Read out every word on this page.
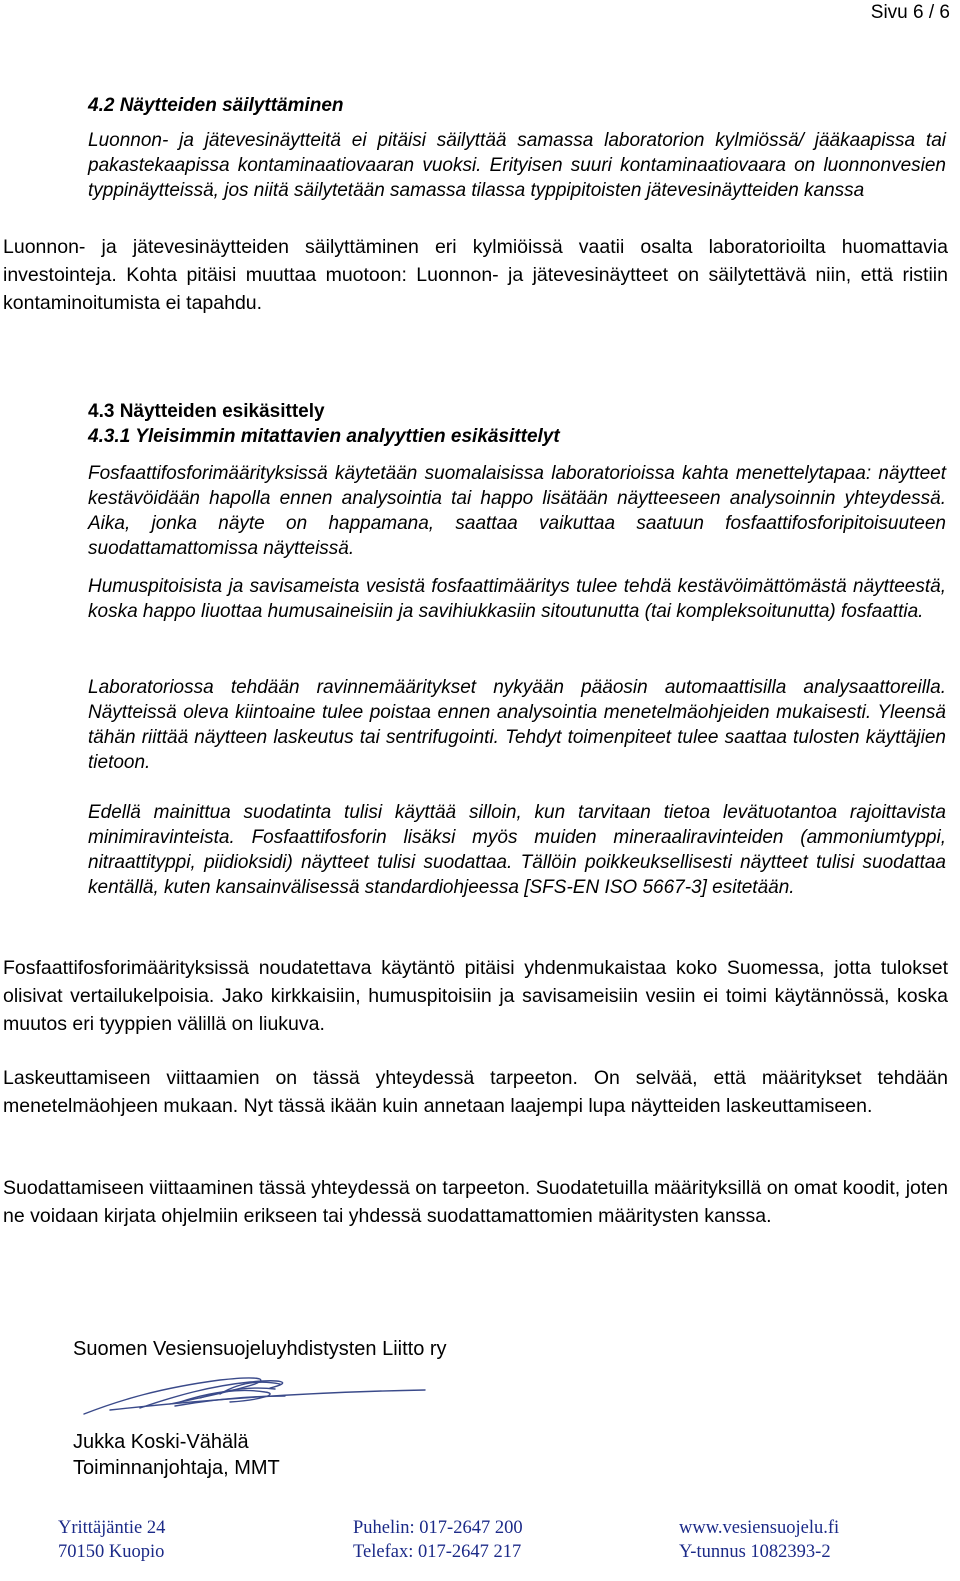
Sivu 6 / 6
4.2 Näytteiden säilyttäminen
Luonnon- ja jätevesinäytteitä ei pitäisi säilyttää samassa laboratorion kylmiössä/ jääkaapissa tai pakastekaapissa kontaminaatiovaaran vuoksi. Erityisen suuri kontaminaatiovaara on luonnonvesien typpinäytteissä, jos niitä säilytetään samassa tilassa typpipitoisten jätevesinäytteiden kanssa
Luonnon- ja jätevesinäytteiden säilyttäminen eri kylmiöissä vaatii osalta laboratorioilta huomattavia investointeja. Kohta pitäisi muuttaa muotoon: Luonnon- ja jätevesinäytteet on säilytettävä niin, että ristiin kontaminoitumista ei tapahdu.
4.3 Näytteiden esikäsittely
4.3.1 Yleisimmin mitattavien analyyttien esikäsittelyt
Fosfaattifosforimäärityksissä käytetään suomalaisissa laboratorioissa kahta menettelytapaa: näytteet kestävöidään hapolla ennen analysointia tai happo lisätään näytteeseen analysoinnin yhteydessä. Aika, jonka näyte on happamana, saattaa vaikuttaa saatuun fosfaattifosforipitoisuuteen suodattamattomissa näytteissä.
Humuspitoisista ja savisameista vesistä fosfaattimääritys tulee tehdä kestävöimättömästä näytteestä, koska happo liuottaa humusaineisiin ja savihiukkasiin sitoutunutta (tai kompleksoitunutta) fosfaattia.
Laboratoriossa tehdään ravinnemääritykset nykyään pääosin automaattisilla analysaattoreilla. Näytteissä oleva kiintoaine tulee poistaa ennen analysointia menetelmäohjeiden mukaisesti. Yleensä tähän riittää näytteen laskeutus tai sentrifugointi. Tehdyt toimenpiteet tulee saattaa tulosten käyttäjien tietoon.
Edellä mainittua suodatinta tulisi käyttää silloin, kun tarvitaan tietoa levätuotantoa rajoittavista minimiravinteista. Fosfaattifosforin lisäksi myös muiden mineraaliravinteiden (ammoniumtyppi, nitraattityppi, piidioksidi) näytteet tulisi suodattaa. Tällöin poikkeuksellisesti näytteet tulisi suodattaa kentällä, kuten kansainvälisessä standardiohjeessa [SFS-EN ISO 5667-3] esitetään.
Fosfaattifosforimäärityksissä noudatettava käytäntö pitäisi yhdenmukaistaa koko Suomessa, jotta tulokset olisivat vertailukelpoisia. Jako kirkkaisiin, humuspitoisiin ja savisameisiin vesiin ei toimi käytännössä, koska muutos eri tyyppien välillä on liukuva.
Laskeuttamiseen viittaamien on tässä yhteydessä tarpeeton. On selvää, että määritykset tehdään menetelmäohjeen mukaan. Nyt tässä ikään kuin annetaan laajempi lupa näytteiden laskeuttamiseen.
Suodattamiseen viittaaminen tässä yhteydessä on tarpeeton. Suodatetuilla määrityksillä on omat koodit, joten ne voidaan kirjata ohjelmiin erikseen tai yhdessä suodattamattomien määritysten kanssa.
Suomen Vesiensuojeluyhdistysten Liitto ry
Jukka Koski-Vähälä
Toiminnanjohtaja, MMT
Yrittäjäntie 24
70150 Kuopio
Puhelin: 017-2647 200
Telefax: 017-2647 217
www.vesiensuojelu.fi
Y-tunnus 1082393-2
